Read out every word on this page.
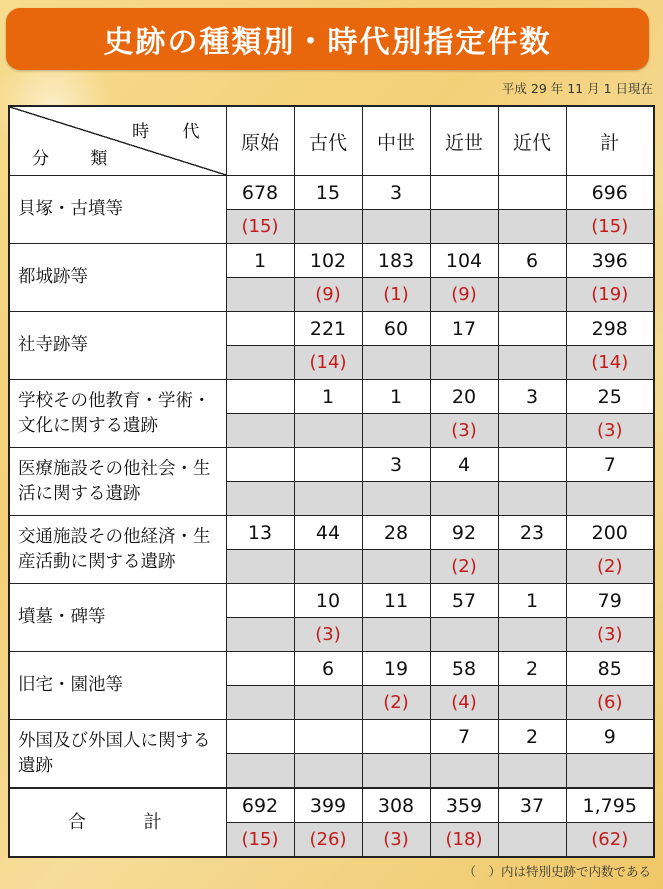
史跡の種類別・時代別指定件数
平成 29 年 11 月 1 日現在
時 代
分 類	原始	古代	中世	近世	近代	計
貝塚・古墳等	678	15	3			696
	(15)					(15)
都城跡等	1	102	183	104	6	396
		(9)	(1)	(9)		(19)
社寺跡等		221	60	17		298
		(14)				(14)
学校その他教育・学術・文化に関する遺跡		1	1	20	3	25
				(3)		(3)
医療施設その他社会・生活に関する遺跡			3	4		7

交通施設その他経済・生産活動に関する遺跡	13	44	28	92	23	200
				(2)		(2)
墳墓・碑等		10	11	57	1	79
		(3)				(3)
旧宅・園池等		6	19	58	2	85
			(2)	(4)		(6)
外国及び外国人に関する遺跡				7	2	9

合 計	692	399	308	359	37	1,795
	(15)	(26)	(3)	(18)		(62)
（　）内は特別史跡で内数である
